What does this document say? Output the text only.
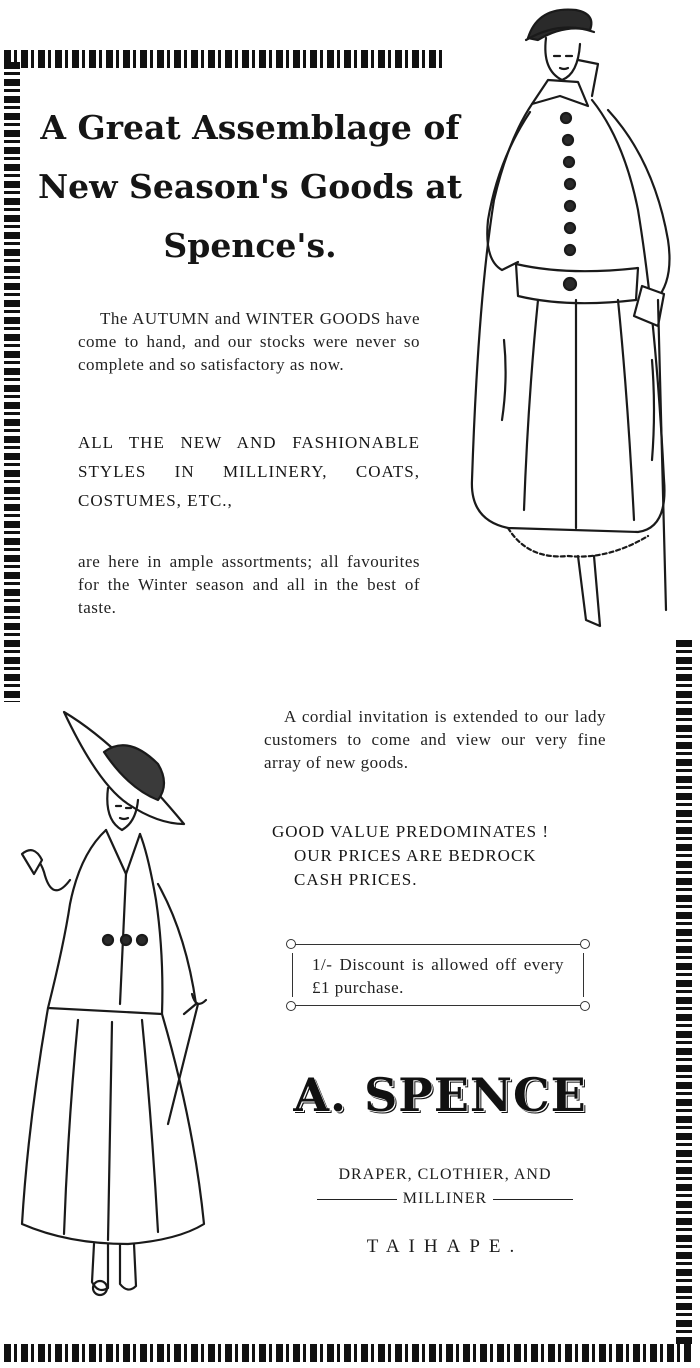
A Great Assemblage of
New Season's Goods at
Spence's.
The AUTUMN and WINTER GOODS have come to hand, and our stocks were never so complete and so satisfactory as now.
ALL THE NEW AND FASHIONABLE STYLES IN MILLINERY, COATS, COSTUMES, ETC.,
are here in ample assortments; all favourites for the Winter season and all in the best of taste.
A cordial invitation is extended to our lady customers to come and view our very fine array of new goods.
GOOD VALUE PREDOMINATES !
OUR PRICES ARE BEDROCK
CASH PRICES.
1/- Discount is allowed off every £1 purchase.
A. SPENCE
DRAPER, CLOTHIER, AND
MILLINER
TAIHAPE.
